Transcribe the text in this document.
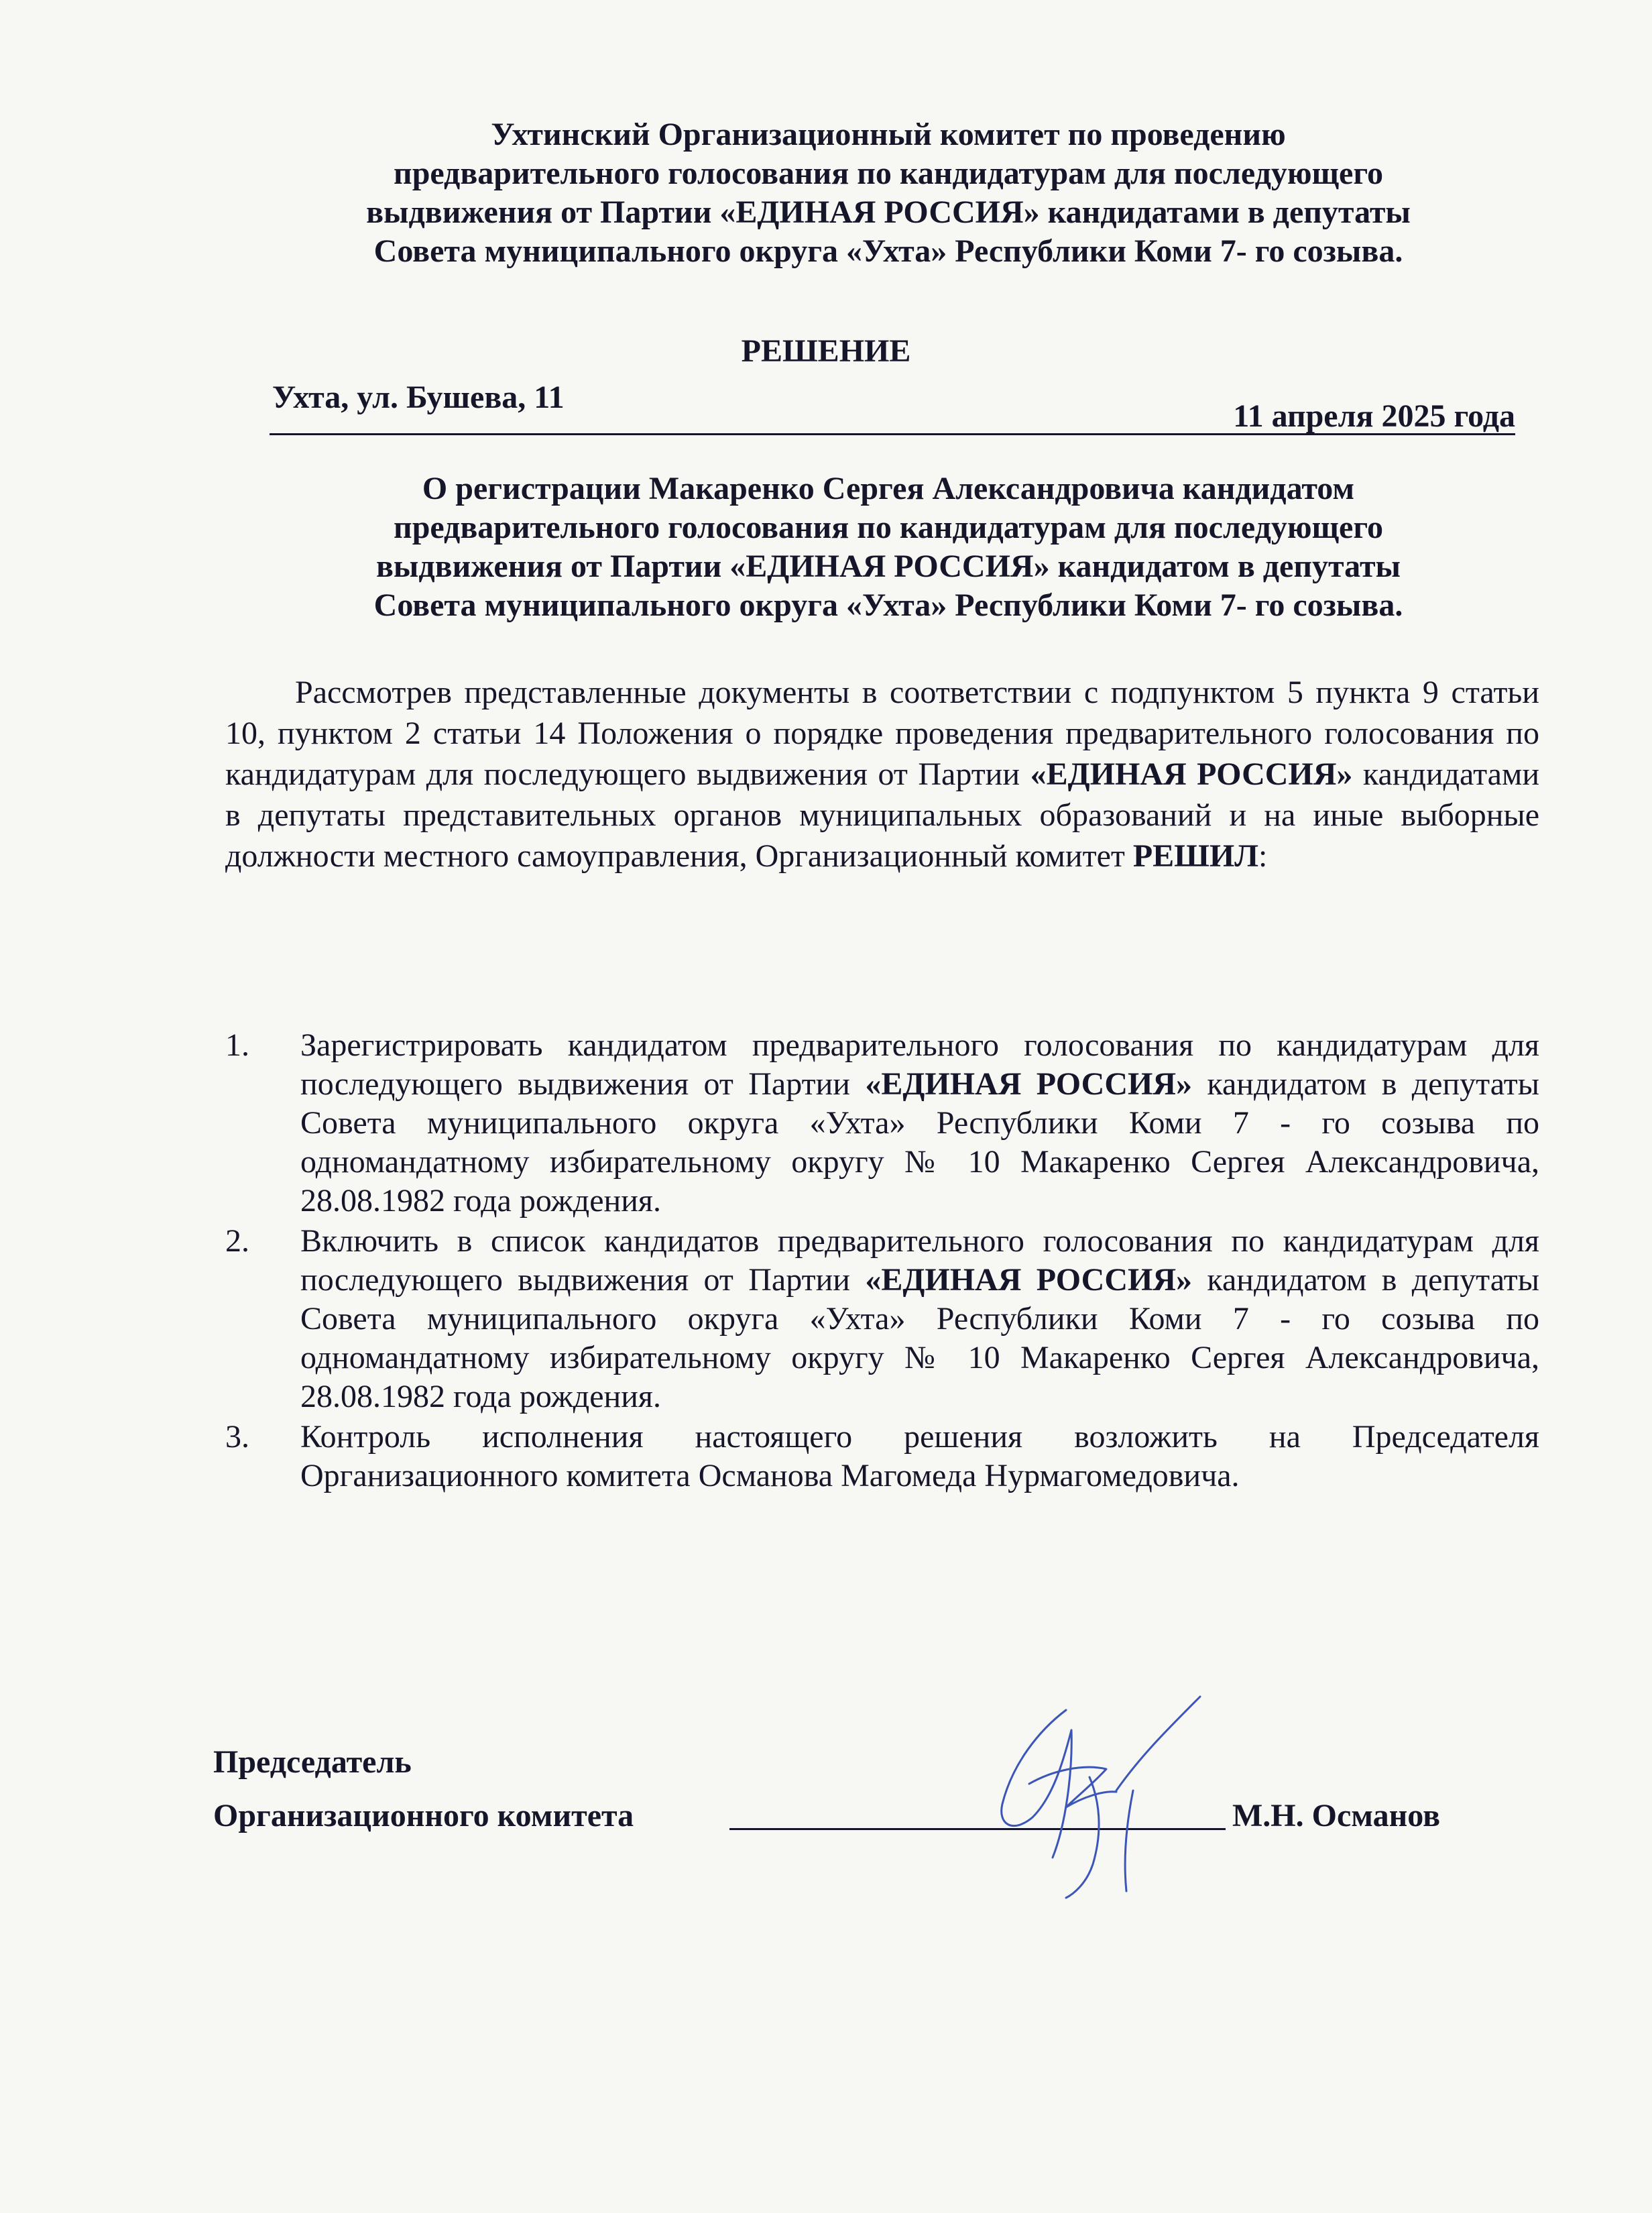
Ухтинский Организационный комитет по проведению
предварительного голосования по кандидатурам для последующего
выдвижения от Партии «ЕДИНАЯ РОССИЯ» кандидатами в депутаты
Совета муниципального округа «Ухта» Республики Коми 7- го созыва.
РЕШЕНИЕ
Ухта, ул. Бушева, 11
11 апреля 2025 года
О регистрации Макаренко Сергея Александровича кандидатом
предварительного голосования по кандидатурам для последующего
выдвижения от Партии «ЕДИНАЯ РОССИЯ» кандидатом в депутаты
Совета муниципального округа «Ухта» Республики Коми 7- го созыва.

Рассмотрев представленные документы в соответствии с подпунктом 5 пункта 9 статьи 10, пунктом 2 статьи 14 Положения о порядке проведения предварительного голосования по кандидатурам для последующего выдвижения от Партии «ЕДИНАЯ РОССИЯ» кандидатами в депутаты представительных органов муниципальных образований и на иные выборные должности местного самоуправления, Организационный комитет РЕШИЛ:

1. Зарегистрировать кандидатом предварительного голосования по кандидатурам для последующего выдвижения от Партии «ЕДИНАЯ РОССИЯ» кандидатом в депутаты Совета муниципального округа «Ухта» Республики Коми 7 - го созыва по одномандатному избирательному округу № 10 Макаренко Сергея Александровича, 28.08.1982 года рождения.
2. Включить в список кандидатов предварительного голосования по кандидатурам для последующего выдвижения от Партии «ЕДИНАЯ РОССИЯ» кандидатом в депутаты Совета муниципального округа «Ухта» Республики Коми 7 - го созыва по одномандатному избирательному округу № 10 Макаренко Сергея Александровича, 28.08.1982 года рождения.
3. Контроль исполнения настоящего решения возложить на Председателя Организационного комитета Османова Магомеда Нурмагомедовича.
Председатель
Организационного комитета	М.Н. Османов
